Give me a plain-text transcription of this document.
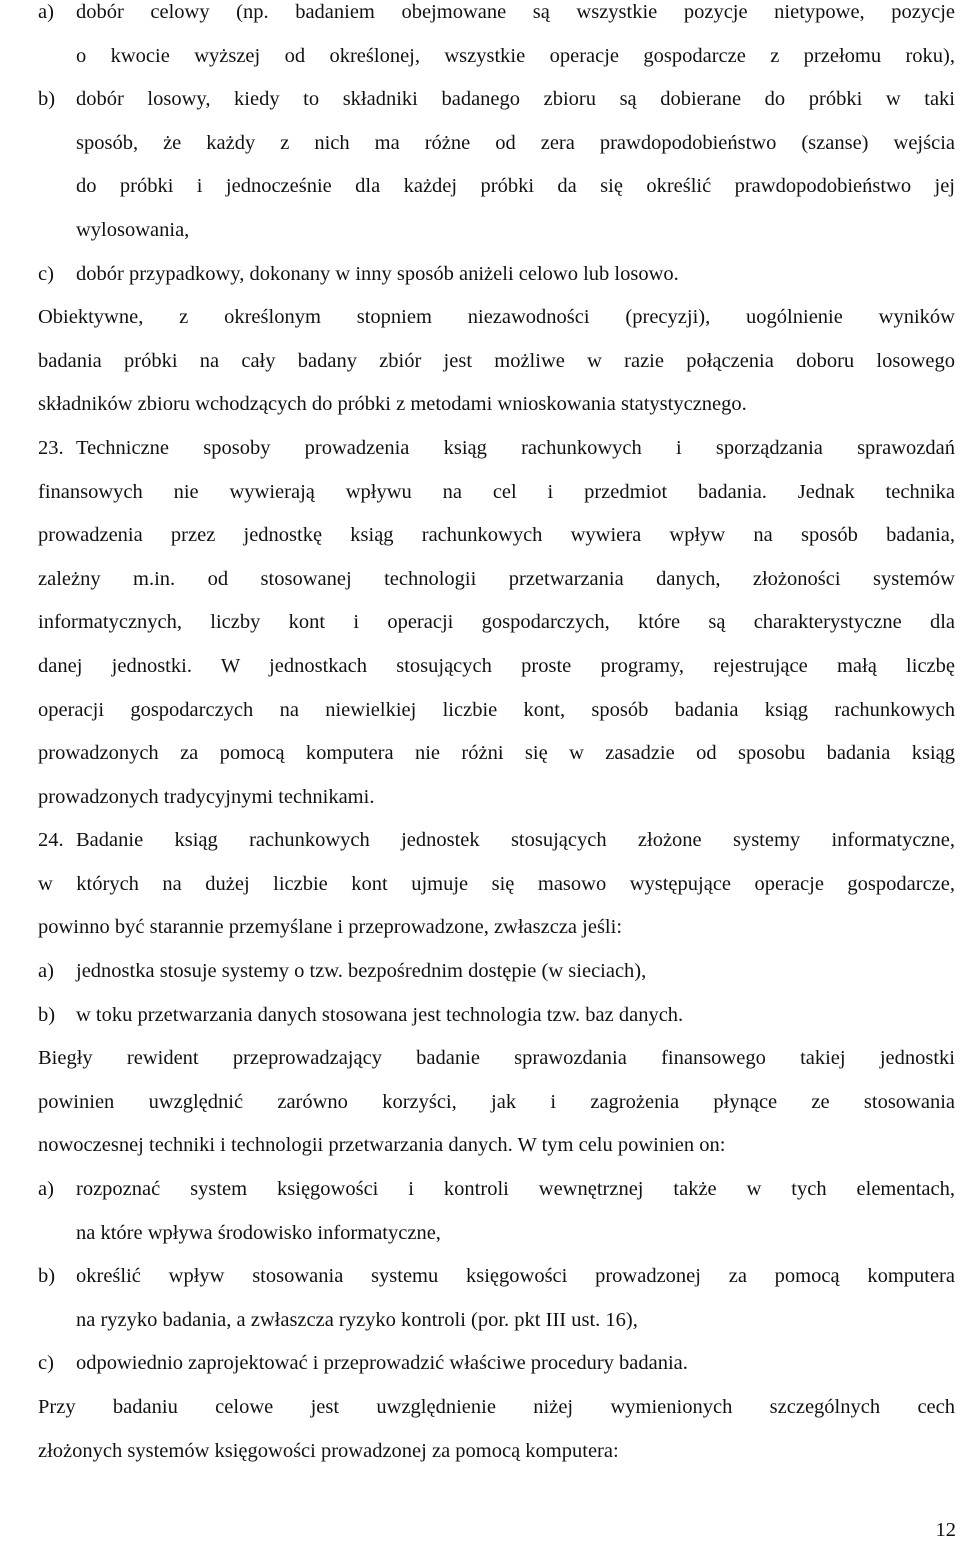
a) dobór celowy (np. badaniem obejmowane są wszystkie pozycje nietypowe, pozycje
o kwocie wyższej od określonej, wszystkie operacje gospodarcze z przełomu roku),
b) dobór losowy, kiedy to składniki badanego zbioru są dobierane do próbki w taki
sposób, że każdy z nich ma różne od zera prawdopodobieństwo (szanse) wejścia
do próbki i jednocześnie dla każdej próbki da się określić prawdopodobieństwo jej
wylosowania,
c) dobór przypadkowy, dokonany w inny sposób aniżeli celowo lub losowo.
Obiektywne, z określonym stopniem niezawodności (precyzji), uogólnienie wyników
badania próbki na cały badany zbiór jest możliwe w razie połączenia doboru losowego
składników zbioru wchodzących do próbki z metodami wnioskowania statystycznego.
23. Techniczne sposoby prowadzenia ksiąg rachunkowych i sporządzania sprawozdań
finansowych nie wywierają wpływu na cel i przedmiot badania. Jednak technika
prowadzenia przez jednostkę ksiąg rachunkowych wywiera wpływ na sposób badania,
zależny m.in. od stosowanej technologii przetwarzania danych, złożoności systemów
informatycznych, liczby kont i operacji gospodarczych, które są charakterystyczne dla
danej jednostki. W jednostkach stosujących proste programy, rejestrujące małą liczbę
operacji gospodarczych na niewielkiej liczbie kont, sposób badania ksiąg rachunkowych
prowadzonych za pomocą komputera nie różni się w zasadzie od sposobu badania ksiąg
prowadzonych tradycyjnymi technikami.
24. Badanie ksiąg rachunkowych jednostek stosujących złożone systemy informatyczne,
w których na dużej liczbie kont ujmuje się masowo występujące operacje gospodarcze,
powinno być starannie przemyślane i przeprowadzone, zwłaszcza jeśli:
a) jednostka stosuje systemy o tzw. bezpośrednim dostępie (w sieciach),
b) w toku przetwarzania danych stosowana jest technologia tzw. baz danych.
Biegły rewident przeprowadzający badanie sprawozdania finansowego takiej jednostki
powinien uwzględnić zarówno korzyści, jak i zagrożenia płynące ze stosowania
nowoczesnej techniki i technologii przetwarzania danych. W tym celu powinien on:
a) rozpoznać system księgowości i kontroli wewnętrznej także w tych elementach,
na które wpływa środowisko informatyczne,
b) określić wpływ stosowania systemu księgowości prowadzonej za pomocą komputera
na ryzyko badania, a zwłaszcza ryzyko kontroli (por. pkt III ust. 16),
c) odpowiednio zaprojektować i przeprowadzić właściwe procedury badania.
Przy badaniu celowe jest uwzględnienie niżej wymienionych szczególnych cech
złożonych systemów księgowości prowadzonej za pomocą komputera:
12
